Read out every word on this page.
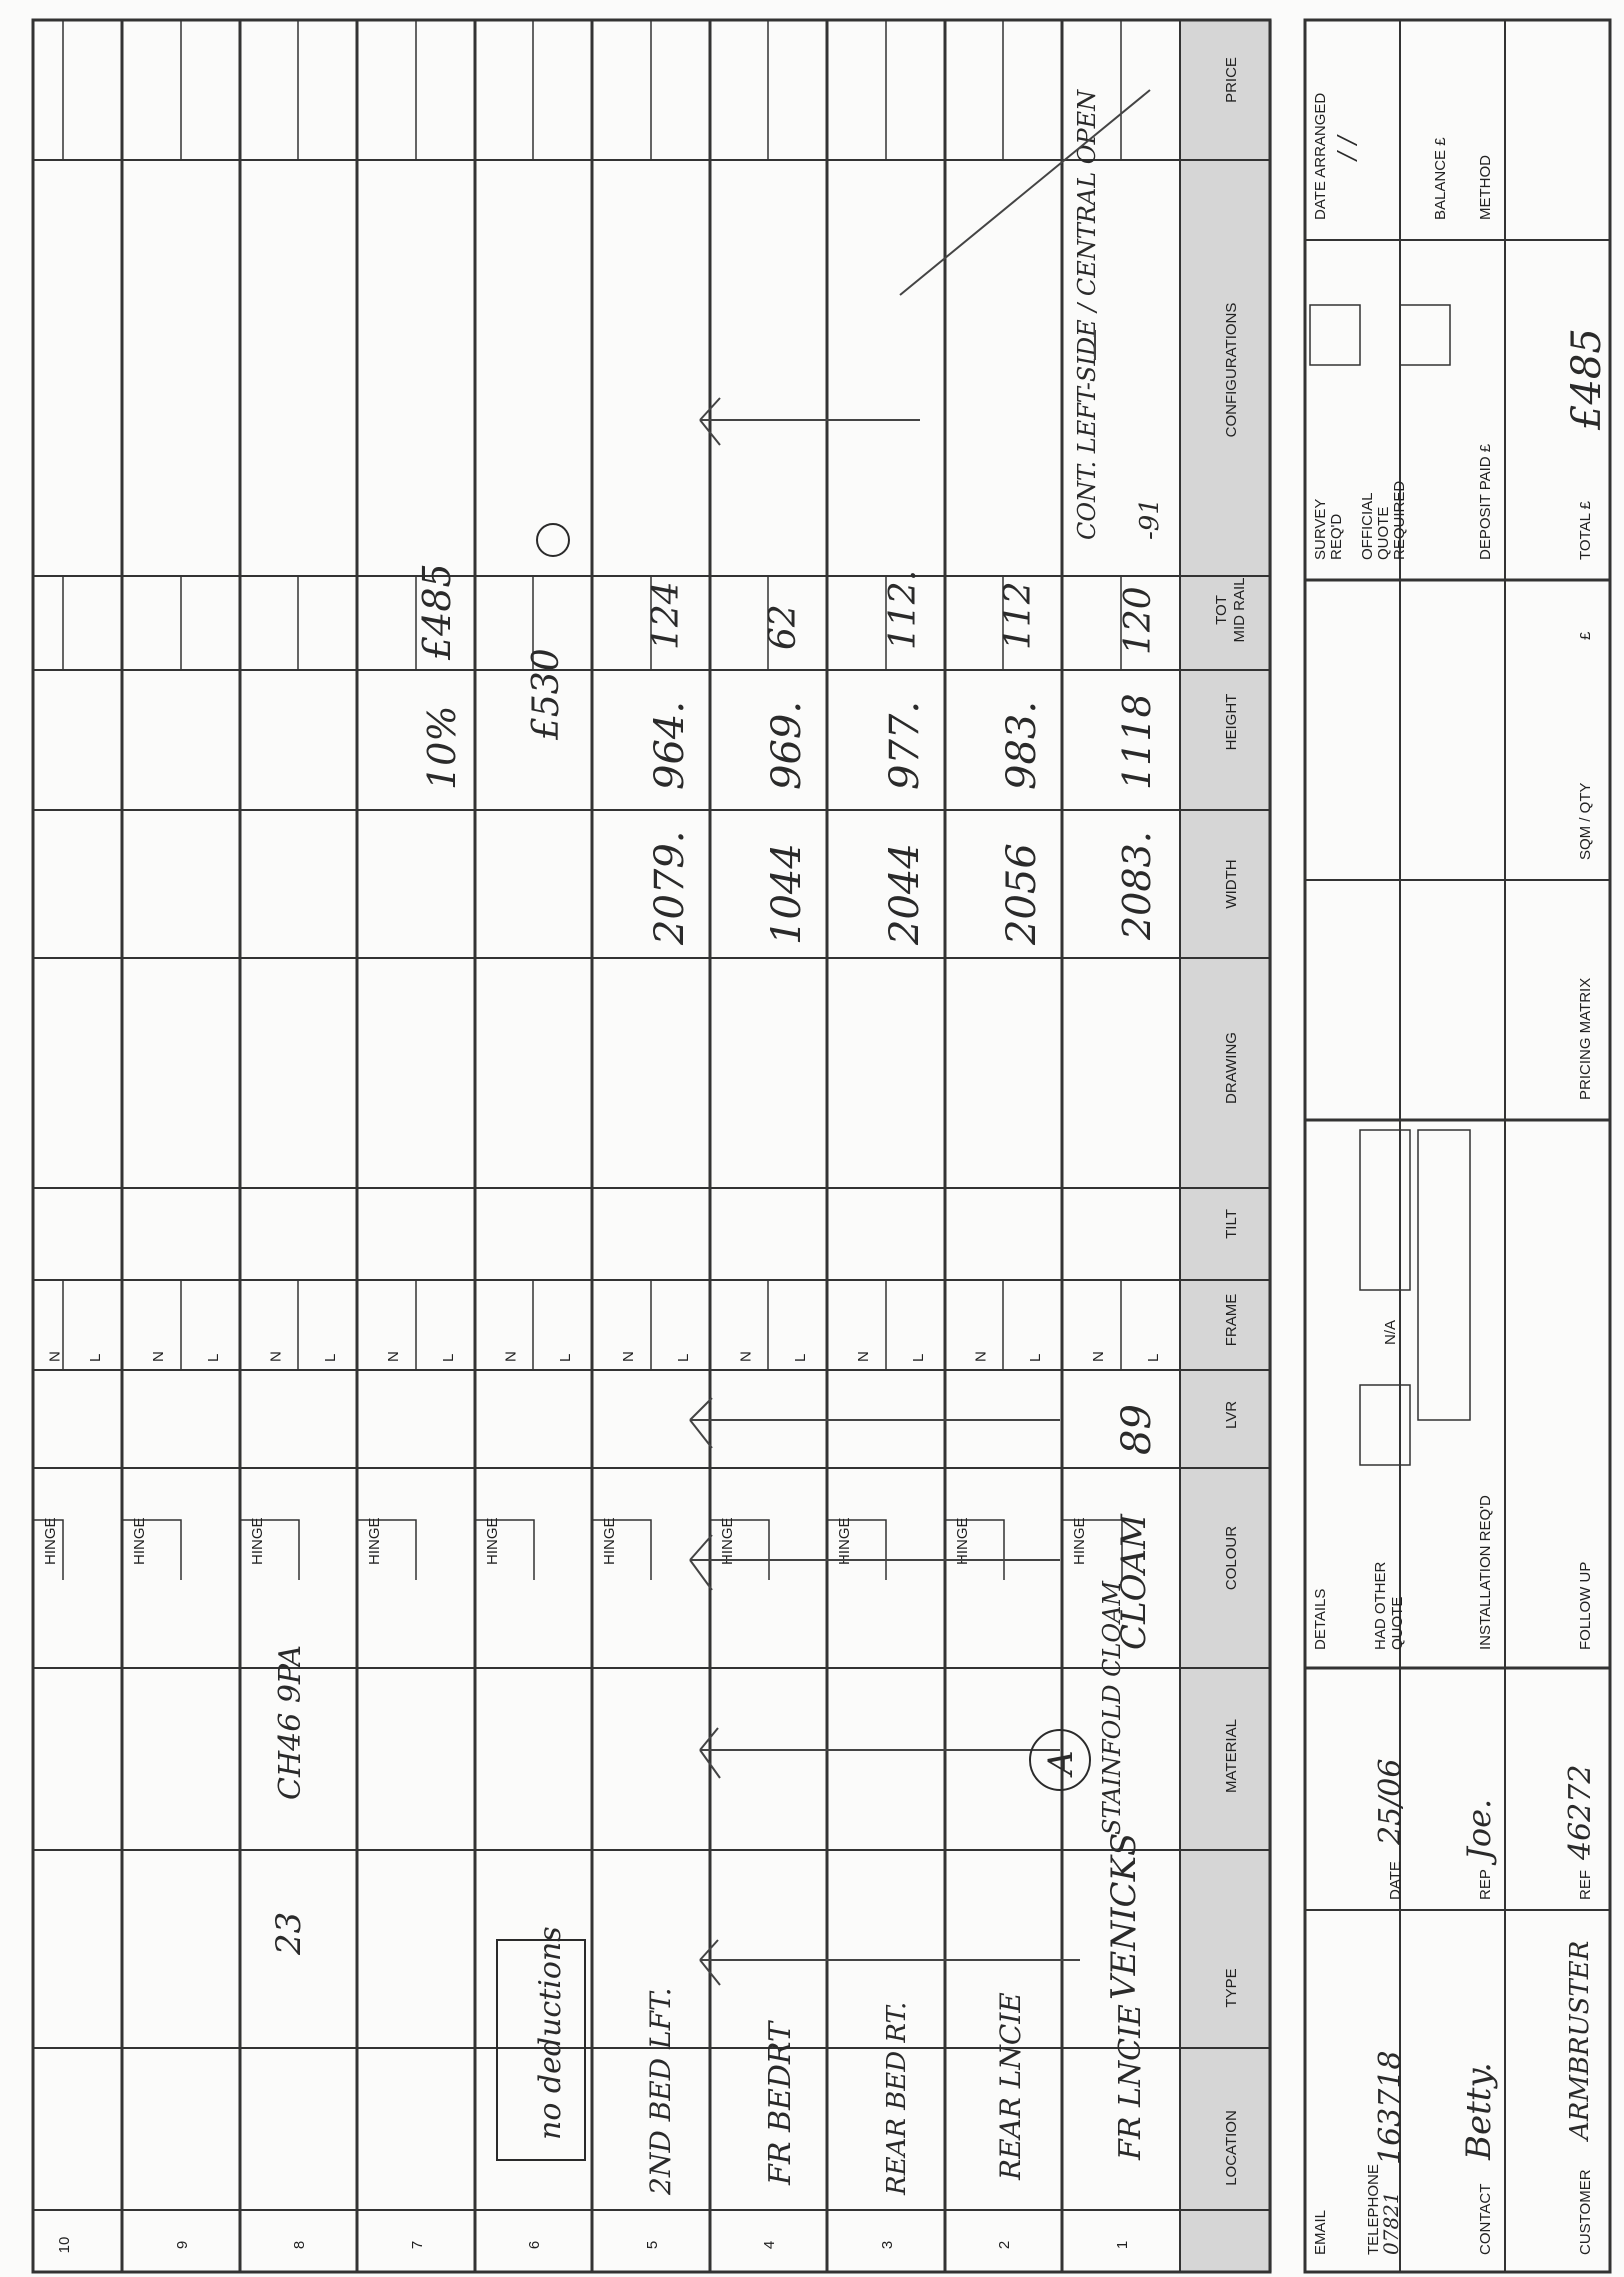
LOCATION
TYPE
MATERIAL
COLOUR
LVR
FRAME
TILT
DRAWING
WIDTH
HEIGHT
TOT MID RAIL
CONFIGURATIONS
PRICE
1
2
3
4
5
6
7
8
9
10
HINGE
L
N
HINGE
L
N
HINGE
L
N
HINGE
L
N
HINGE
L
N
HINGE
L
N
HINGE
L
N
HINGE
L
N
HINGE
L
N
HINGE
L
N
FR LNCIE
VENICKS
STAINFOLD CLOAM
CLOAM
89
2083.
1118
120
-91
CONT. LEFT-SIDE / CENTRAL OPEN
REAR LNCIE
2056
983.
112
REAR BED RT.
2044
977.
112.
FR BEDRT
1044
969.
62
2ND BED LFT.
2079.
964.
124
£530
no deductions
10%
£485
A
23
CH46 9PA
CUSTOMER
ARMBRUSTER
REF
46272
CONTACT
Betty.
REP
Joe.
TELEPHONE
07821
163718
DATE
25/06
EMAIL
FOLLOW UP
INSTALLATION REQ'D
HAD OTHER QUOTE
N/A
DETAILS
PRICING MATRIX
SQM / QTY
£
TOTAL £
£485
DEPOSIT PAID £
METHOD
OFFICIAL QUOTE REQUIRED
BALANCE £
SURVEY REQ'D
DATE ARRANGED / /
